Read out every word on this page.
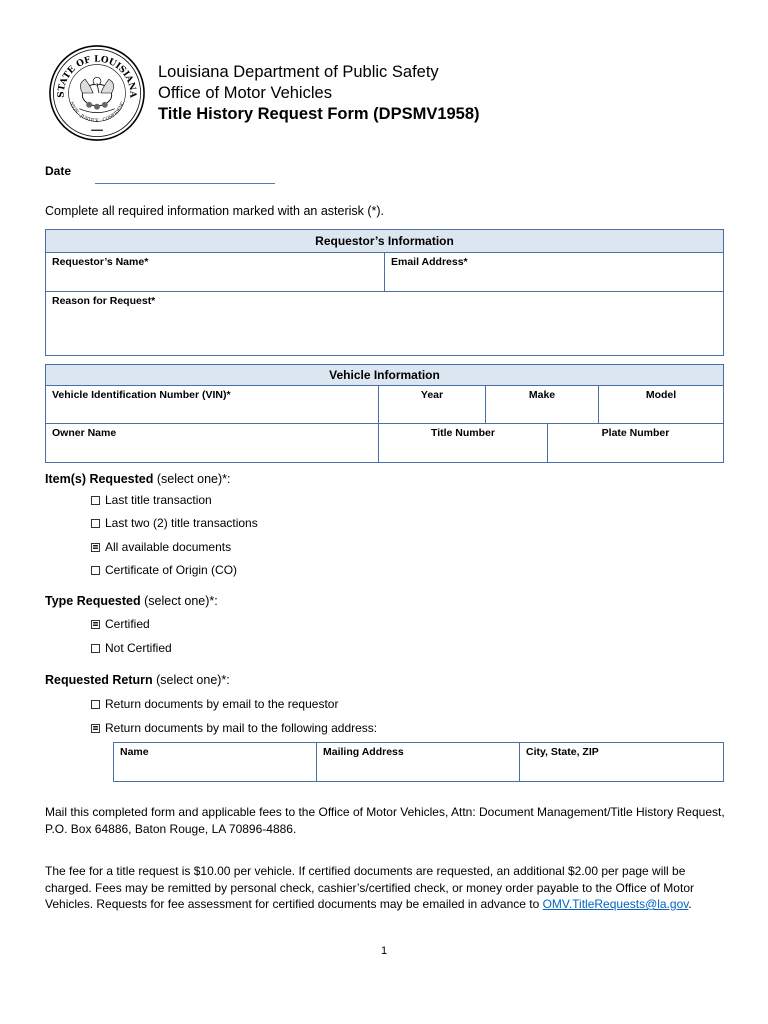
STATE OF LOUISIANA
NION · JUSTICE · CONFIDENC
Louisiana Department of Public Safety
Office of Motor Vehicles
Title History Request Form (DPSMV1958)
Date
Complete all required information marked with an asterisk (*).
Requestor’s Information
Requestor’s Name*	Email Address*
Reason for Request*
Vehicle Information				
Vehicle Identification Number (VIN)*	Year	Make		Model
Owner Name	Title Number		Plate Number	
Item(s) Requested (select one)*:
Last title transaction
Last two (2) title transactions
All available documents
Certificate of Origin (CO)
Type Requested (select one)*:
Certified
Not Certified
Requested Return (select one)*:
Return documents by email to the requestor
Return documents by mail to the following address:
Name	Mailing Address	City, State, ZIP
Mail this completed form and applicable fees to the Office of Motor Vehicles, Attn: Document Management/Title History Request, P.O. Box 64886, Baton Rouge, LA 70896-4886.
The fee for a title request is $10.00 per vehicle. If certified documents are requested, an additional $2.00 per page will be charged. Fees may be remitted by personal check, cashier’s/certified check, or money order payable to the Office of Motor Vehicles. Requests for fee assessment for certified documents may be emailed in advance to OMV.TitleRequests@la.gov.
1
